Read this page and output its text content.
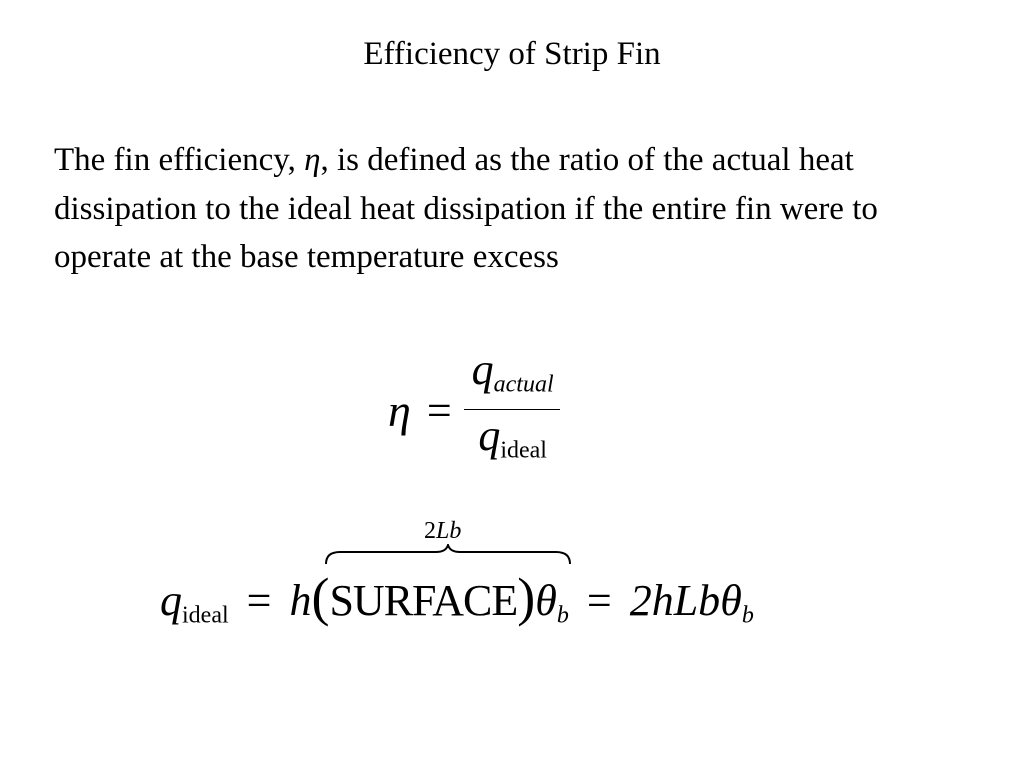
Efficiency of Strip Fin
The fin efficiency, η, is defined as the ratio of the actual heat dissipation to the ideal heat dissipation if the entire fin were to operate at the base temperature excess
$\eta = \frac{q_{actual}}{q_{ideal}}$
2Lb
$q_{ideal} = h$ ( SURFACE ) $\theta_b = 2hLb$ $\theta_b$
